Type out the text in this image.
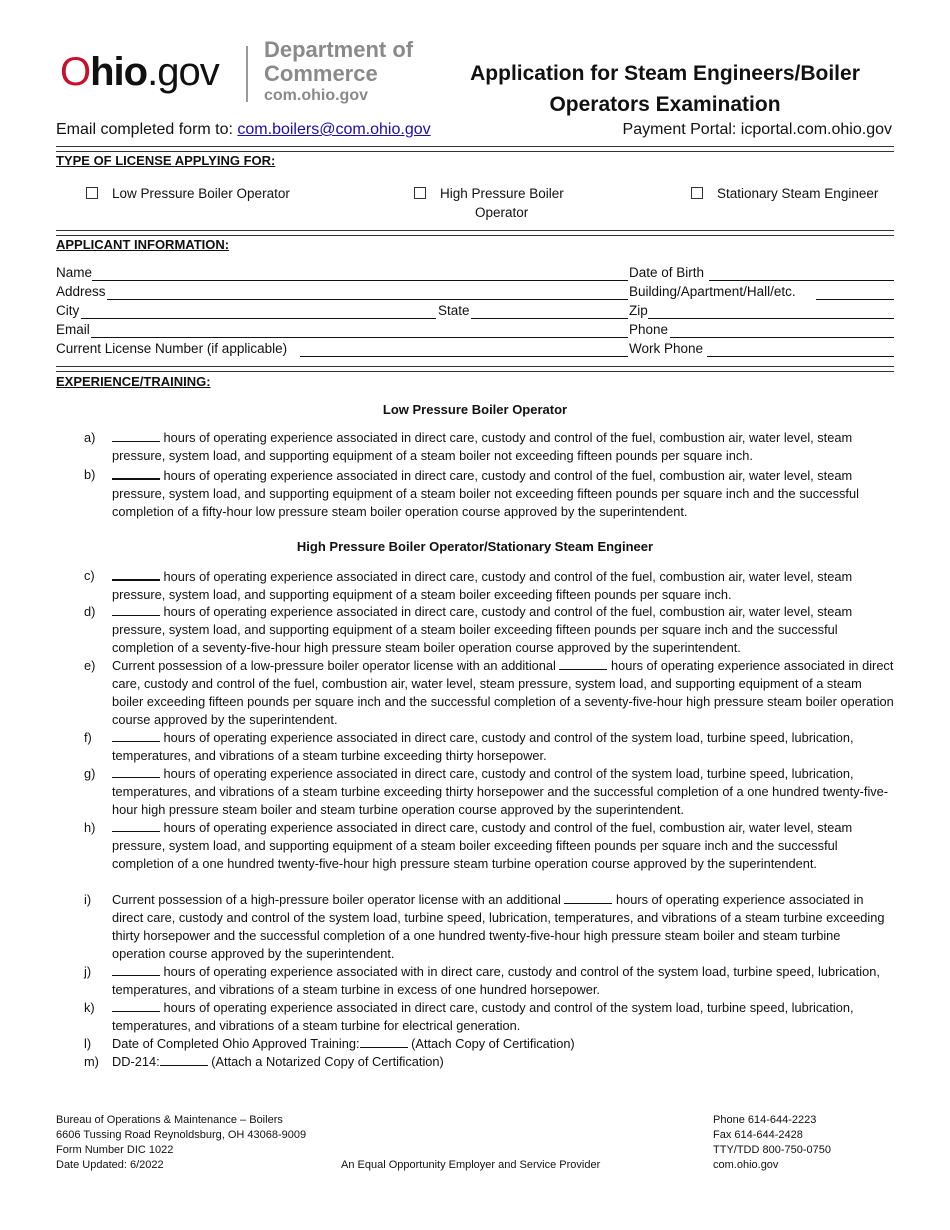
Ohio.gov
Department of
Commerce
com.ohio.gov
Application for Steam Engineers/Boiler
Operators Examination
Email completed form to: com.boilers@com.ohio.gov	Payment Portal: icportal.com.ohio.gov
TYPE OF LICENSE APPLYING FOR:
Low Pressure Boiler Operator	High Pressure Boiler
Operator
Stationary Steam Engineer
APPLICANT INFORMATION:
Name	Date of Birth
Address	Building/Apartment/Hall/etc.
City	State	Zip
Email	Phone
Current License Number (if applicable)	Work Phone
EXPERIENCE/TRAINING:
Low Pressure Boiler Operator
a)	hours of operating experience associated in direct care, custody and control of the fuel, combustion air, water level, steam pressure, system load, and supporting equipment of a steam boiler not exceeding fifteen pounds per square inch.
b)	hours of operating experience associated in direct care, custody and control of the fuel, combustion air, water level, steam pressure, system load, and supporting equipment of a steam boiler not exceeding fifteen pounds per square inch and the successful completion of a fifty-hour low pressure steam boiler operation course approved by the superintendent.
High Pressure Boiler Operator/Stationary Steam Engineer
c)	hours of operating experience associated in direct care, custody and control of the fuel, combustion air, water level, steam pressure, system load, and supporting equipment of a steam boiler exceeding fifteen pounds per square inch.
d)	hours of operating experience associated in direct care, custody and control of the fuel, combustion air, water level, steam pressure, system load, and supporting equipment of a steam boiler exceeding fifteen pounds per square inch and the successful completion of a seventy-five-hour high pressure steam boiler operation course approved by the superintendent.
e)	Current possession of a low-pressure boiler operator license with an additional	hours of operating experience associated in direct care, custody and control of the fuel, combustion air, water level, steam pressure, system load, and supporting equipment of a steam boiler exceeding fifteen pounds per square inch and the successful completion of a seventy-five-hour high pressure steam boiler operation course approved by the superintendent.
f)	hours of operating experience associated in direct care, custody and control of the system load, turbine speed, lubrication, temperatures, and vibrations of a steam turbine exceeding thirty horsepower.
g)	hours of operating experience associated in direct care, custody and control of the system load, turbine speed, lubrication, temperatures, and vibrations of a steam turbine exceeding thirty horsepower and the successful completion of a one hundred twenty-five-hour high pressure steam boiler and steam turbine operation course approved by the superintendent.
h)	hours of operating experience associated in direct care, custody and control of the fuel, combustion air, water level, steam pressure, system load, and supporting equipment of a steam boiler exceeding fifteen pounds per square inch and the successful completion of a one hundred twenty-five-hour high pressure steam turbine operation course approved by the superintendent.
i)	Current possession of a high-pressure boiler operator license with an additional	hours of operating experience associated in direct care, custody and control of the system load, turbine speed, lubrication, temperatures, and vibrations of a steam turbine exceeding thirty horsepower and the successful completion of a one hundred twenty-five-hour high pressure steam boiler and steam turbine operation course approved by the superintendent.
j)	hours of operating experience associated with in direct care, custody and control of the system load, turbine speed, lubrication, temperatures, and vibrations of a steam turbine in excess of one hundred horsepower.
k)	hours of operating experience associated in direct care, custody and control of the system load, turbine speed, lubrication, temperatures, and vibrations of a steam turbine for electrical generation.
l)	Date of Completed Ohio Approved Training:	(Attach Copy of Certification)
m)	DD-214:	(Attach a Notarized Copy of Certification)
Bureau of Operations & Maintenance – Boilers
6606 Tussing Road Reynoldsburg, OH 43068-9009
Form Number DIC 1022
Date Updated: 6/2022	An Equal Opportunity Employer and Service Provider
Phone 614-644-2223
Fax 614-644-2428
TTY/TDD 800-750-0750
com.ohio.gov
